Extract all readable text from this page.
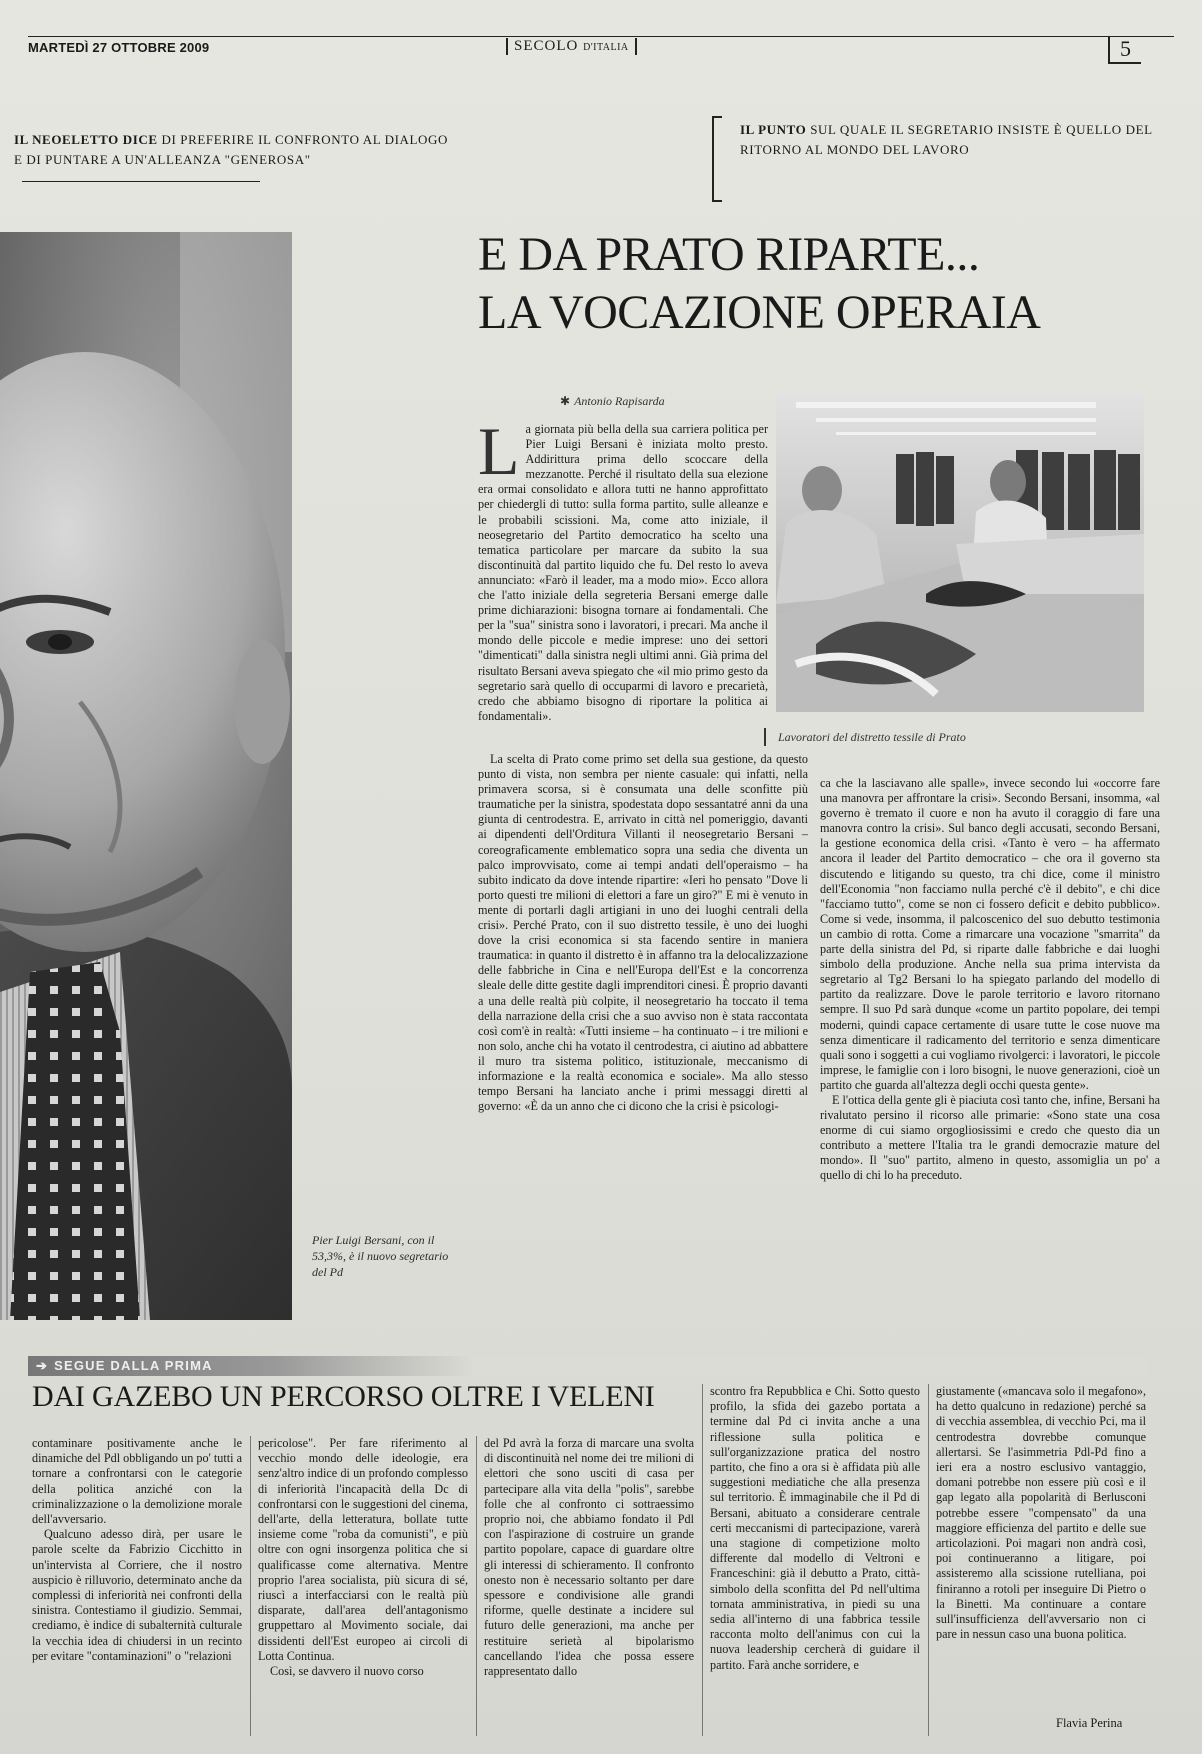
MARTEDÌ 27 OTTOBRE 2009	SECOLO D'ITALIA	5
IL NEOELETTO DICE DI PREFERIRE IL CONFRONTO AL DIALOGO E DI PUNTARE A UN'ALLEANZA "GENEROSA"
IL PUNTO SUL QUALE IL SEGRETARIO INSISTE È QUELLO DEL RITORNO AL MONDO DEL LAVORO
Pier Luigi Bersani, con il 53,3%, è il nuovo segretario del Pd
E DA PRATO RIPARTE...
LA VOCAZIONE OPERAIA
✱ Antonio Rapisarda
Lavoratori del distretto tessile di Prato

La giornata più bella della sua carriera politica per Pier Luigi Bersani è iniziata molto presto. Addirittura prima dello scoccare della mezzanotte. Perché il risultato della sua elezione era ormai consolidato e allora tutti ne hanno approfittato per chiedergli di tutto: sulla forma partito, sulle alleanze e le probabili scissioni. Ma, come atto iniziale, il neosegretario del Partito democratico ha scelto una tematica particolare per marcare da subito la sua discontinuità dal partito liquido che fu. Del resto lo aveva annunciato: «Farò il leader, ma a modo mio». Ecco allora che l'atto iniziale della segreteria Bersani emerge dalle prime dichiarazioni: bisogna tornare ai fondamentali. Che per la "sua" sinistra sono i lavoratori, i precari. Ma anche il mondo delle piccole e medie imprese: uno dei settori "dimenticati" dalla sinistra negli ultimi anni. Già prima del risultato Bersani aveva spiegato che «il mio primo gesto da segretario sarà quello di occuparmi di lavoro e precarietà, credo che abbiamo bisogno di riportare la politica ai fondamentali».

La scelta di Prato come primo set della sua gestione, da questo punto di vista, non sembra per niente casuale: qui infatti, nella primavera scorsa, si è consumata una delle sconfitte più traumatiche per la sinistra, spodestata dopo sessantatré anni da una giunta di centrodestra. E, arrivato in città nel pomeriggio, davanti ai dipendenti dell'Orditura Villanti il neosegretario Bersani – coreograficamente emblematico sopra una sedia che diventa un palco improvvisato, come ai tempi andati dell'operaismo – ha subito indicato da dove intende ripartire: «Ieri ho pensato "Dove li porto questi tre milioni di elettori a fare un giro?" E mi è venuto in mente di portarli dagli artigiani in uno dei luoghi centrali della crisi». Perché Prato, con il suo distretto tessile, è uno dei luoghi dove la crisi economica si sta facendo sentire in maniera traumatica: in quanto il distretto è in affanno tra la delocalizzazione delle fabbriche in Cina e nell'Europa dell'Est e la concorrenza sleale delle ditte gestite dagli imprenditori cinesi. È proprio davanti a una delle realtà più colpite, il neosegretario ha toccato il tema della narrazione della crisi che a suo avviso non è stata raccontata così com'è in realtà: «Tutti insieme – ha continuato – i tre milioni e non solo, anche chi ha votato il centrodestra, ci aiutino ad abbattere il muro tra sistema politico, istituzionale, meccanismo di informazione e la realtà economica e sociale». Ma allo stesso tempo Bersani ha lanciato anche i primi messaggi diretti al governo: «È da un anno che ci dicono che la crisi è psicologi-

ca che la lasciavano alle spalle», invece secondo lui «occorre fare una manovra per affrontare la crisi». Secondo Bersani, insomma, «al governo è tremato il cuore e non ha avuto il coraggio di fare una manovra contro la crisi». Sul banco degli accusati, secondo Bersani, la gestione economica della crisi. «Tanto è vero – ha affermato ancora il leader del Partito democratico – che ora il governo sta discutendo e litigando su questo, tra chi dice, come il ministro dell'Economia "non facciamo nulla perché c'è il debito", e chi dice "facciamo tutto", come se non ci fossero deficit e debito pubblico». Come si vede, insomma, il palcoscenico del suo debutto testimonia un cambio di rotta. Come a rimarcare una vocazione "smarrita" da parte della sinistra del Pd, si riparte dalle fabbriche e dai luoghi simbolo della produzione. Anche nella sua prima intervista da segretario al Tg2 Bersani lo ha spiegato parlando del modello di partito da realizzare. Dove le parole territorio e lavoro ritornano sempre. Il suo Pd sarà dunque «come un partito popolare, dei tempi moderni, quindi capace certamente di usare tutte le cose nuove ma senza dimenticare il radicamento del territorio e senza dimenticare quali sono i soggetti a cui vogliamo rivolgerci: i lavoratori, le piccole imprese, le famiglie con i loro bisogni, le nuove generazioni, cioè un partito che guarda all'altezza degli occhi questa gente».

E l'ottica della gente gli è piaciuta così tanto che, infine, Bersani ha rivalutato persino il ricorso alle primarie: «Sono state una cosa enorme di cui siamo orgogliosissimi e credo che questo dia un contributo a mettere l'Italia tra le grandi democrazie mature del mondo». Il "suo" partito, almeno in questo, assomiglia un po' a quello di chi lo ha preceduto.

➔ SEGUE DALLA PRIMA
DAI GAZEBO UN PERCORSO OLTRE I VELENI

contaminare positivamente anche le dinamiche del Pdl obbligando un po' tutti a tornare a confrontarsi con le categorie della politica anziché con la criminalizzazione o la demolizione morale dell'avversario.

Qualcuno adesso dirà, per usare le parole scelte da Fabrizio Cicchitto in un'intervista al Corriere, che il nostro auspicio è rilluvorio, determinato anche da complessi di inferiorità nei confronti della sinistra. Contestiamo il giudizio. Semmai, crediamo, è indice di subalternità culturale la vecchia idea di chiudersi in un recinto per evitare "contaminazioni" o "relazioni

pericolose". Per fare riferimento al vecchio mondo delle ideologie, era senz'altro indice di un profondo complesso di inferiorità l'incapacità della Dc di confrontarsi con le suggestioni del cinema, dell'arte, della letteratura, bollate tutte insieme come "roba da comunisti", e più oltre con ogni insorgenza politica che si qualificasse come alternativa. Mentre proprio l'area socialista, più sicura di sé, riuscì a interfacciarsi con le realtà più disparate, dall'area dell'antagonismo gruppettaro al Movimento sociale, dai dissidenti dell'Est europeo ai circoli di Lotta Continua.

Così, se davvero il nuovo corso

del Pd avrà la forza di marcare una svolta di discontinuità nel nome dei tre milioni di elettori che sono usciti di casa per partecipare alla vita della "polis", sarebbe folle che al confronto ci sottraessimo proprio noi, che abbiamo fondato il Pdl con l'aspirazione di costruire un grande partito popolare, capace di guardare oltre gli interessi di schieramento. Il confronto onesto non è necessario soltanto per dare spessore e condivisione alle grandi riforme, quelle destinate a incidere sul futuro delle generazioni, ma anche per restituire serietà al bipolarismo cancellando l'idea che possa essere rappresentato dallo

scontro fra Repubblica e Chi. Sotto questo profilo, la sfida dei gazebo portata a termine dal Pd ci invita anche a una riflessione sulla politica e sull'organizzazione pratica del nostro partito, che fino a ora si è affidata più alle suggestioni mediatiche che alla presenza sul territorio. È immaginabile che il Pd di Bersani, abituato a considerare centrale certi meccanismi di partecipazione, varerà una stagione di competizione molto differente dal modello di Veltroni e Franceschini: già il debutto a Prato, città-simbolo della sconfitta del Pd nell'ultima tornata amministrativa, in piedi su una sedia all'interno di una fabbrica tessile racconta molto dell'animus con cui la nuova leadership cercherà di guidare il partito. Farà anche sorridere, e

giustamente («mancava solo il megafono», ha detto qualcuno in redazione) perché sa di vecchia assemblea, di vecchio Pci, ma il centrodestra dovrebbe comunque allertarsi. Se l'asimmetria Pdl-Pd fino a ieri era a nostro esclusivo vantaggio, domani potrebbe non essere più così e il gap legato alla popolarità di Berlusconi potrebbe essere "compensato" da una maggiore efficienza del partito e delle sue articolazioni. Poi magari non andrà così, poi continueranno a litigare, poi assisteremo alla scissione rutelliana, poi finiranno a rotoli per inseguire Di Pietro o la Binetti. Ma continuare a contare sull'insufficienza dell'avversario non ci pare in nessun caso una buona politica.

Flavia Perina
